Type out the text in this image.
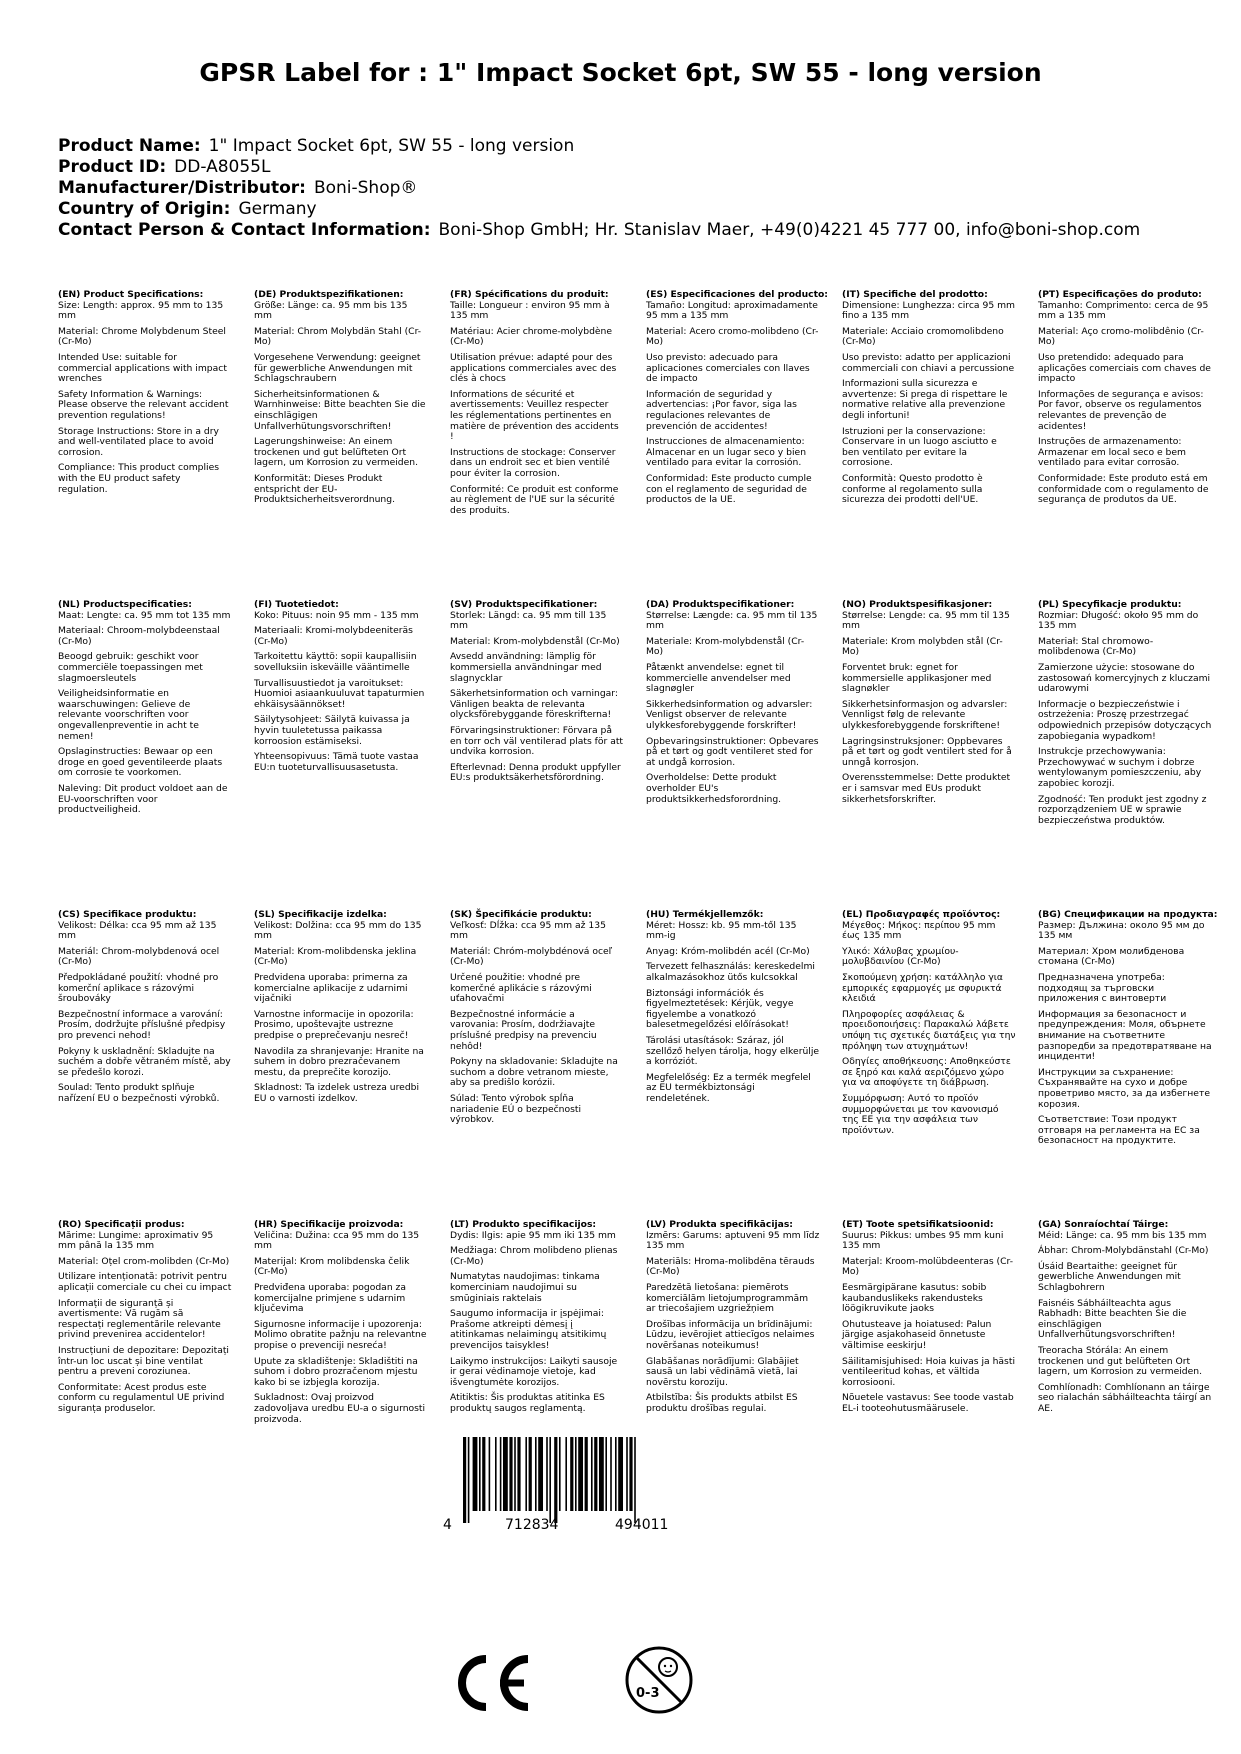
GPSR Label for : 1" Impact Socket 6pt, SW 55 - long version
Product Name: 1" Impact Socket 6pt, SW 55 - long version
Product ID: DD-A8055L
Manufacturer/Distributor: Boni-Shop®
Country of Origin: Germany
Contact Person & Contact Information: Boni-Shop GmbH; Hr. Stanislav Maer, +49(0)4221 45 777 00, info@boni-shop.com
(EN) Product Specifications:
Size: Length: approx. 95 mm to 135 mm
Material: Chrome Molybdenum Steel (Cr-Mo)
Intended Use: suitable for commercial applications with impact wrenches
Safety Information & Warnings: Please observe the relevant accident prevention regulations!
Storage Instructions: Store in a dry and well-ventilated place to avoid corrosion.
Compliance: This product complies with the EU product safety regulation.
(DE) Produktspezifikationen:
Größe: Länge: ca. 95 mm bis 135 mm
Material: Chrom Molybdän Stahl (Cr-Mo)
Vorgesehene Verwendung: geeignet für gewerbliche Anwendungen mit Schlagschraubern
Sicherheitsinformationen & Warnhinweise: Bitte beachten Sie die einschlägigen Unfallverhütungsvorschriften!
Lagerungshinweise: An einem trockenen und gut belüfteten Ort lagern, um Korrosion zu vermeiden.
Konformität: Dieses Produkt entspricht der EU-Produktsicherheitsverordnung.
(FR) Spécifications du produit:
Taille: Longueur : environ 95 mm à 135 mm
Matériau: Acier chrome-molybdène (Cr-Mo)
Utilisation prévue: adapté pour des applications commerciales avec des clés à chocs
Informations de sécurité et avertissements: Veuillez respecter les réglementations pertinentes en matière de prévention des accidents !
Instructions de stockage: Conserver dans un endroit sec et bien ventilé pour éviter la corrosion.
Conformité: Ce produit est conforme au règlement de l'UE sur la sécurité des produits.
(ES) Especificaciones del producto:
Tamaño: Longitud: aproximadamente 95 mm a 135 mm
Material: Acero cromo-molibdeno (Cr-Mo)
Uso previsto: adecuado para aplicaciones comerciales con llaves de impacto
Información de seguridad y advertencias: ¡Por favor, siga las regulaciones relevantes de prevención de accidentes!
Instrucciones de almacenamiento: Almacenar en un lugar seco y bien ventilado para evitar la corrosión.
Conformidad: Este producto cumple con el reglamento de seguridad de productos de la UE.
(IT) Specifiche del prodotto:
Dimensione: Lunghezza: circa 95 mm fino a 135 mm
Materiale: Acciaio cromomolibdeno (Cr-Mo)
Uso previsto: adatto per applicazioni commerciali con chiavi a percussione
Informazioni sulla sicurezza e avvertenze: Si prega di rispettare le normative relative alla prevenzione degli infortuni!
Istruzioni per la conservazione: Conservare in un luogo asciutto e ben ventilato per evitare la corrosione.
Conformità: Questo prodotto è conforme al regolamento sulla sicurezza dei prodotti dell'UE.
(PT) Especificações do produto:
Tamanho: Comprimento: cerca de 95 mm a 135 mm
Material: Aço cromo-molibdênio (Cr-Mo)
Uso pretendido: adequado para aplicações comerciais com chaves de impacto
Informações de segurança e avisos: Por favor, observe os regulamentos relevantes de prevenção de acidentes!
Instruções de armazenamento: Armazenar em local seco e bem ventilado para evitar corrosão.
Conformidade: Este produto está em conformidade com o regulamento de segurança de produtos da UE.
(NL) Productspecificaties:
Maat: Lengte: ca. 95 mm tot 135 mm
Materiaal: Chroom-molybdeenstaal (Cr-Mo)
Beoogd gebruik: geschikt voor commerciële toepassingen met slagmoersleutels
Veiligheidsinformatie en waarschuwingen: Gelieve de relevante voorschriften voor ongevallenpreventie in acht te nemen!
Opslaginstructies: Bewaar op een droge en goed geventileerde plaats om corrosie te voorkomen.
Naleving: Dit product voldoet aan de EU-voorschriften voor productveiligheid.
(FI) Tuotetiedot:
Koko: Pituus: noin 95 mm - 135 mm
Materiaali: Kromi-molybdeeniteräs (Cr-Mo)
Tarkoitettu käyttö: sopii kaupallisiin sovelluksiin iskeväille vääntimelle
Turvallisuustiedot ja varoitukset: Huomioi asiaankuuluvat tapaturmien ehkäisysäännökset!
Säilytysohjeet: Säilytä kuivassa ja hyvin tuuletetussa paikassa korroosion estämiseksi.
Yhteensopivuus: Tämä tuote vastaa EU:n tuoteturvallisuusasetusta.
(SV) Produktspecifikationer:
Storlek: Längd: ca. 95 mm till 135 mm
Material: Krom-molybdenstål (Cr-Mo)
Avsedd användning: lämplig för kommersiella användningar med slagnycklar
Säkerhetsinformation och varningar: Vänligen beakta de relevanta olycksförebyggande föreskrifterna!
Förvaringsinstruktioner: Förvara på en torr och väl ventilerad plats för att undvika korrosion.
Efterlevnad: Denna produkt uppfyller EU:s produktsäkerhetsförordning.
(DA) Produktspecifikationer:
Størrelse: Længde: ca. 95 mm til 135 mm
Materiale: Krom-molybdenstål (Cr-Mo)
Påtænkt anvendelse: egnet til kommercielle anvendelser med slagnøgler
Sikkerhedsinformation og advarsler: Venligst observer de relevante ulykkesforebyggende forskrifter!
Opbevaringsinstruktioner: Opbevares på et tørt og godt ventileret sted for at undgå korrosion.
Overholdelse: Dette produkt overholder EU's produktsikkerhedsforordning.
(NO) Produktspesifikasjoner:
Størrelse: Lengde: ca. 95 mm til 135 mm
Materiale: Krom molybden stål (Cr-Mo)
Forventet bruk: egnet for kommersielle applikasjoner med slagnøkler
Sikkerhetsinformasjon og advarsler: Vennligst følg de relevante ulykkesforebyggende forskriftene!
Lagringsinstruksjoner: Oppbevares på et tørt og godt ventilert sted for å unngå korrosjon.
Overensstemmelse: Dette produktet er i samsvar med EUs produkt sikkerhetsforskrifter.
(PL) Specyfikacje produktu:
Rozmiar: Długość: około 95 mm do 135 mm
Materiał: Stal chromowo-molibdenowa (Cr-Mo)
Zamierzone użycie: stosowane do zastosowań komercyjnych z kluczami udarowymi
Informacje o bezpieczeństwie i ostrzeżenia: Proszę przestrzegać odpowiednich przepisów dotyczących zapobiegania wypadkom!
Instrukcje przechowywania: Przechowywać w suchym i dobrze wentylowanym pomieszczeniu, aby zapobiec korozji.
Zgodność: Ten produkt jest zgodny z rozporządzeniem UE w sprawie bezpieczeństwa produktów.
(CS) Specifikace produktu:
Velikost: Délka: cca 95 mm až 135 mm
Materiál: Chrom-molybdenová ocel (Cr-Mo)
Předpokládané použití: vhodné pro komerční aplikace s rázovými šroubováky
Bezpečnostní informace a varování: Prosím, dodržujte příslušné předpisy pro prevenci nehod!
Pokyny k uskladnění: Skladujte na suchém a dobře větraném místě, aby se předešlo korozi.
Soulad: Tento produkt splňuje nařízení EU o bezpečnosti výrobků.
(SL) Specifikacije izdelka:
Velikost: Dolžina: cca 95 mm do 135 mm
Material: Krom-molibdenska jeklina (Cr-Mo)
Predvidena uporaba: primerna za komercialne aplikacije z udarnimi vijačniki
Varnostne informacije in opozorila: Prosimo, upoštevajte ustrezne predpise o preprečevanju nesreč!
Navodila za shranjevanje: Hranite na suhem in dobro prezračevanem mestu, da preprečite korozijo.
Skladnost: Ta izdelek ustreza uredbi EU o varnosti izdelkov.
(SK) Špecifikácie produktu:
Veľkosť: Dĺžka: cca 95 mm až 135 mm
Materiál: Chróm-molybdénová oceľ (Cr-Mo)
Určené použitie: vhodné pre komerčné aplikácie s rázovými uťahovačmi
Bezpečnostné informácie a varovania: Prosím, dodržiavajte príslušné predpisy na prevenciu nehôd!
Pokyny na skladovanie: Skladujte na suchom a dobre vetranom mieste, aby sa predišlo korózii.
Súlad: Tento výrobok spĺňa nariadenie EÚ o bezpečnosti výrobkov.
(HU) Termékjellemzők:
Méret: Hossz: kb. 95 mm-től 135 mm-ig
Anyag: Króm-molibdén acél (Cr-Mo)
Tervezett felhasználás: kereskedelmi alkalmazásokhoz ütős kulcsokkal
Biztonsági információk és figyelmeztetések: Kérjük, vegye figyelembe a vonatkozó balesetmegelőzési előírásokat!
Tárolási utasítások: Száraz, jól szellőző helyen tárolja, hogy elkerülje a korróziót.
Megfelelőség: Ez a termék megfelel az EU termékbiztonsági rendeletének.
(EL) Προδιαγραφές προϊόντος:
Μέγεθος: Μήκος: περίπου 95 mm έως 135 mm
Υλικό: Χάλυβας χρωμίου-μολυβδαινίου (Cr-Mo)
Σκοπούμενη χρήση: κατάλληλο για εμπορικές εφαρμογές με σφυρικτά κλειδιά
Πληροφορίες ασφάλειας & προειδοποιήσεις: Παρακαλώ λάβετε υπόψη τις σχετικές διατάξεις για την πρόληψη των ατυχημάτων!
Οδηγίες αποθήκευσης: Αποθηκεύστε σε ξηρό και καλά αεριζόμενο χώρο για να αποφύγετε τη διάβρωση.
Συμμόρφωση: Αυτό το προϊόν συμμορφώνεται με τον κανονισμό της ΕΕ για την ασφάλεια των προϊόντων.
(BG) Спецификации на продукта:
Размер: Дължина: около 95 мм до 135 мм
Материал: Хром молибденова стомана (Cr-Mo)
Предназначена употреба: подходящ за търговски приложения с винтоверти
Информация за безопасност и предупреждения: Моля, обърнете внимание на съответните разпоредби за предотвратяване на инциденти!
Инструкции за съхранение: Съхранявайте на сухо и добре проветриво място, за да избегнете корозия.
Съответствие: Този продукт отговаря на регламента на ЕС за безопасност на продуктите.
(RO) Specificații produs:
Mărime: Lungime: aproximativ 95 mm până la 135 mm
Material: Oțel crom-molibden (Cr-Mo)
Utilizare intenționată: potrivit pentru aplicații comerciale cu chei cu impact
Informații de siguranță și avertismente: Vă rugăm să respectați reglementările relevante privind prevenirea accidentelor!
Instrucțiuni de depozitare: Depozitați într-un loc uscat și bine ventilat pentru a preveni coroziunea.
Conformitate: Acest produs este conform cu regulamentul UE privind siguranța produselor.
(HR) Specifikacije proizvoda:
Veličina: Dužina: cca 95 mm do 135 mm
Materijal: Krom molibdenska čelik (Cr-Mo)
Predviđena uporaba: pogodan za komercijalne primjene s udarnim ključevima
Sigurnosne informacije i upozorenja: Molimo obratite pažnju na relevantne propise o prevenciji nesreća!
Upute za skladištenje: Skladištiti na suhom i dobro prozračenom mjestu kako bi se izbjegla korozija.
Sukladnost: Ovaj proizvod zadovoljava uredbu EU-a o sigurnosti proizvoda.
(LT) Produkto specifikacijos:
Dydis: Ilgis: apie 95 mm iki 135 mm
Medžiaga: Chrom molibdeno plienas (Cr-Mo)
Numatytas naudojimas: tinkama komerciniam naudojimui su smūginiais raktelais
Saugumo informacija ir įspėjimai: Prašome atkreipti dėmesį į atitinkamas nelaimingų atsitikimų prevencijos taisykles!
Laikymo instrukcijos: Laikyti sausoje ir gerai vėdinamoje vietoje, kad išvengtumėte korozijos.
Atitiktis: Šis produktas atitinka ES produktų saugos reglamentą.
(LV) Produkta specifikācijas:
Izmērs: Garums: aptuveni 95 mm līdz 135 mm
Materiāls: Hroma-molibdēna tērauds (Cr-Mo)
Paredzētā lietošana: piemērots komerciālām lietojumprogrammām ar triecošajiem uzgriežņiem
Drošības informācija un brīdinājumi: Lūdzu, ievērojiet attiecīgos nelaimes novēršanas noteikumus!
Glabāšanas norādījumi: Glabājiet sausā un labi vēdināmā vietā, lai novērstu koroziju.
Atbilstība: Šis produkts atbilst ES produktu drošības regulai.
(ET) Toote spetsifikatsioonid:
Suurus: Pikkus: umbes 95 mm kuni 135 mm
Materjal: Kroom-molübdeenteras (Cr-Mo)
Eesmärgipärane kasutus: sobib kaubanduslikeks rakendusteks löögikruvikute jaoks
Ohutusteave ja hoiatused: Palun järgige asjakohaseid õnnetuste vältimise eeskirju!
Säilitamisjuhised: Hoia kuivas ja hästi ventileeritud kohas, et vältida korrosiooni.
Nõuetele vastavus: See toode vastab EL-i tooteohutusmäärusele.
(GA) Sonraíochtaí Táirge:
Méid: Länge: ca. 95 mm bis 135 mm
Ábhar: Chrom-Molybdänstahl (Cr-Mo)
Úsáid Beartaithe: geeignet für gewerbliche Anwendungen mit Schlagbohrern
Faisnéis Sábháilteachta agus Rabhadh: Bitte beachten Sie die einschlägigen Unfallverhütungsvorschriften!
Treoracha Stórála: An einem trockenen und gut belüfteten Ort lagern, um Korrosion zu vermeiden.
Comhlíonadh: Comhlíonann an táirge seo rialachán sábháilteachta táirgí an AE.
4	712834	494011
0-3
